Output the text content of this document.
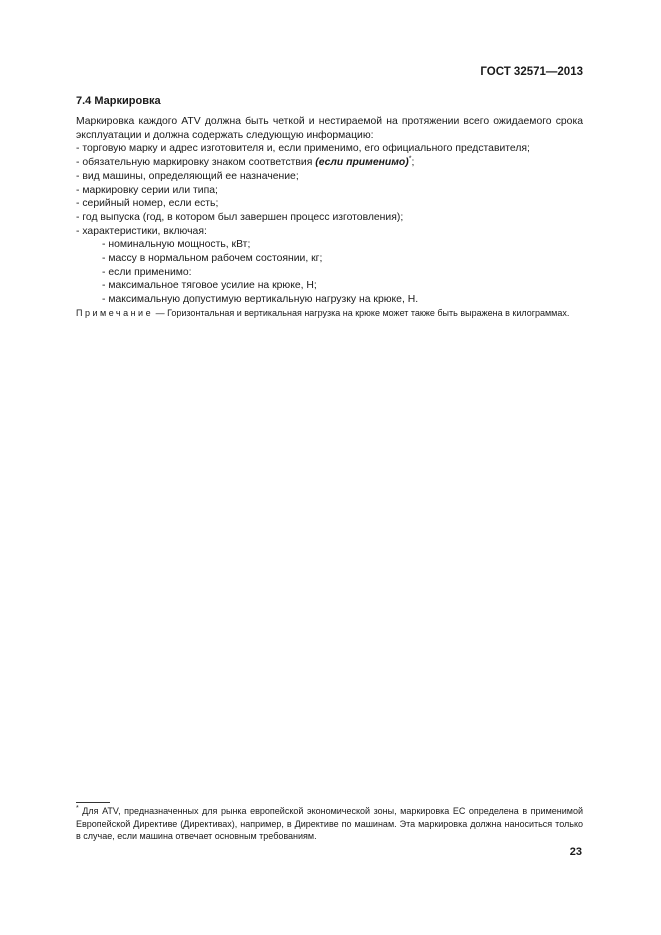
ГОСТ 32571—2013
7.4 Маркировка

Маркировка каждого ATV должна быть четкой и нестираемой на протяжении всего ожидаемого срока эксплуатации и должна содержать следующую информацию:

- торговую марку и адрес изготовителя и, если применимо, его официального представителя;
- обязательную маркировку знаком соответствия (если применимо)*;
- вид машины, определяющий ее назначение;
- маркировку серии или типа;
- серийный номер, если есть;
- год выпуска (год, в котором был завершен процесс изготовления);
- характеристики, включая:
- номинальную мощность, кВт;
- массу в нормальном рабочем состоянии, кг;
- если применимо:
- максимальное тяговое усилие на крюке, Н;
- максимальную допустимую вертикальную нагрузку на крюке, Н.

Примечание — Горизонтальная и вертикальная нагрузка на крюке может также быть выражена в килограммах.

* Для ATV, предназначенных для рынка европейской экономической зоны, маркировка ЕС определена в применимой Европейской Директиве (Директивах), например, в Директиве по машинам. Эта маркировка должна наноситься только в случае, если машина отвечает основным требованиям.
23
